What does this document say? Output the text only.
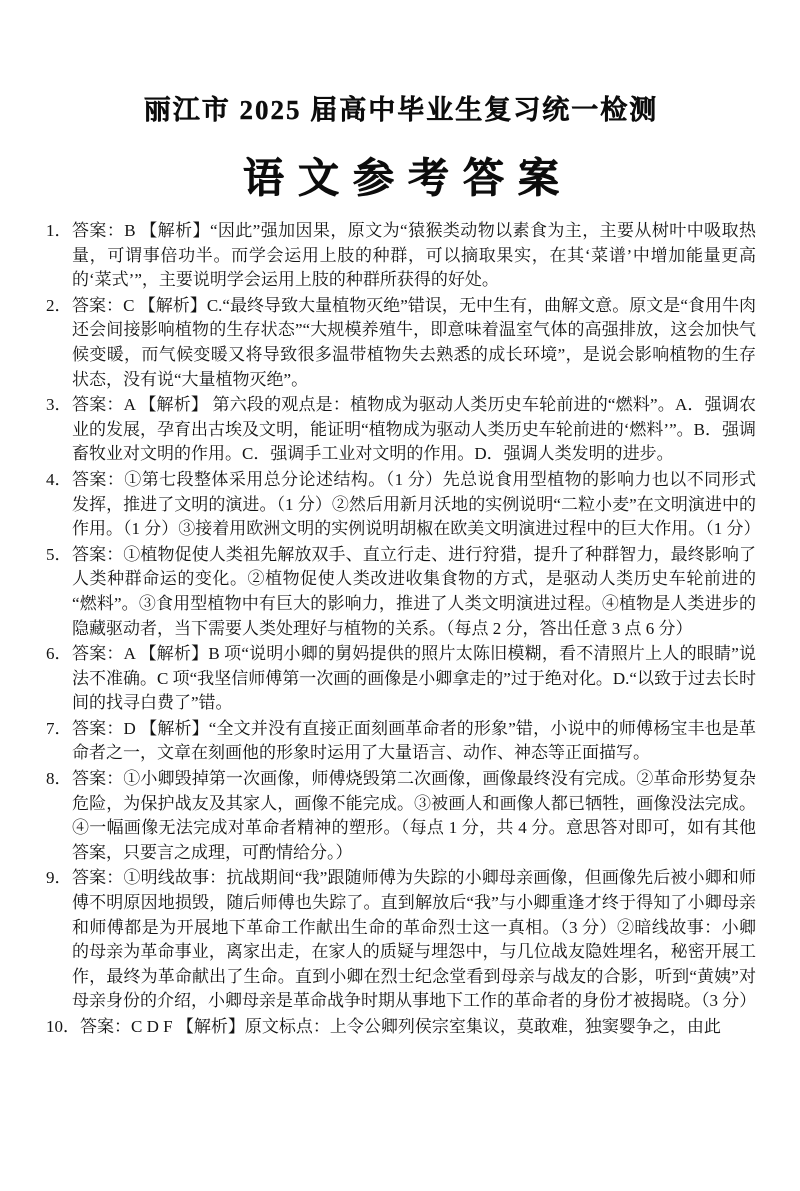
丽江市 2025 届高中毕业生复习统一检测
语文参考答案
1． 答案：B 【解析】“因此”强加因果，原文为“猿猴类动物以素食为主，主要从树叶中吸取热量，可谓事倍功半。而学会运用上肢的种群，可以摘取果实，在其‘菜谱’中增加能量更高的‘菜式’”，主要说明学会运用上肢的种群所获得的好处。
2． 答案：C 【解析】C.“最终导致大量植物灭绝”错误，无中生有，曲解文意。原文是“食用牛肉还会间接影响植物的生存状态”“大规模养殖牛，即意味着温室气体的高强排放，这会加快气候变暖，而气候变暖又将导致很多温带植物失去熟悉的成长环境”，是说会影响植物的生存状态，没有说“大量植物灭绝”。
3． 答案：A 【解析】 第六段的观点是：植物成为驱动人类历史车轮前进的“燃料”。A．强调农业的发展，孕育出古埃及文明，能证明“植物成为驱动人类历史车轮前进的‘燃料’”。B．强调畜牧业对文明的作用。C．强调手工业对文明的作用。D．强调人类发明的进步。
4． 答案：①第七段整体采用总分论述结构。（1 分）先总说食用型植物的影响力也以不同形式发挥，推进了文明的演进。（1 分）②然后用新月沃地的实例说明“二粒小麦”在文明演进中的作用。（1 分）③接着用欧洲文明的实例说明胡椒在欧美文明演进过程中的巨大作用。（1 分）
5． 答案：①植物促使人类祖先解放双手、直立行走、进行狩猎，提升了种群智力，最终影响了人类种群命运的变化。②植物促使人类改进收集食物的方式，是驱动人类历史车轮前进的“燃料”。③食用型植物中有巨大的影响力，推进了人类文明演进过程。④植物是人类进步的隐藏驱动者，当下需要人类处理好与植物的关系。（每点 2 分，答出任意 3 点 6 分）
6． 答案：A 【解析】B 项“说明小卿的舅妈提供的照片太陈旧模糊，看不清照片上人的眼睛”说法不准确。C 项“我坚信师傅第一次画的画像是小卿拿走的”过于绝对化。D.“以致于过去长时间的找寻白费了”错。
7． 答案：D 【解析】“全文并没有直接正面刻画革命者的形象”错，小说中的师傅杨宝丰也是革命者之一，文章在刻画他的形象时运用了大量语言、动作、神态等正面描写。
8． 答案：①小卿毁掉第一次画像，师傅烧毁第二次画像，画像最终没有完成。②革命形势复杂危险，为保护战友及其家人，画像不能完成。③被画人和画像人都已牺牲，画像没法完成。④一幅画像无法完成对革命者精神的塑形。（每点 1 分，共 4 分。意思答对即可，如有其他答案，只要言之成理，可酌情给分。）
9． 答案：①明线故事：抗战期间“我”跟随师傅为失踪的小卿母亲画像，但画像先后被小卿和师傅不明原因地损毁，随后师傅也失踪了。直到解放后“我”与小卿重逢才终于得知了小卿母亲和师傅都是为开展地下革命工作献出生命的革命烈士这一真相。（3 分）②暗线故事：小卿的母亲为革命事业，离家出走，在家人的质疑与埋怨中，与几位战友隐姓埋名，秘密开展工作，最终为革命献出了生命。直到小卿在烈士纪念堂看到母亲与战友的合影，听到“黄姨”对母亲身份的介绍，小卿母亲是革命战争时期从事地下工作的革命者的身份才被揭晓。（3 分）
10． 答案：C D F 【解析】原文标点：上令公卿列侯宗室集议，莫敢难，独窦婴争之，由此
